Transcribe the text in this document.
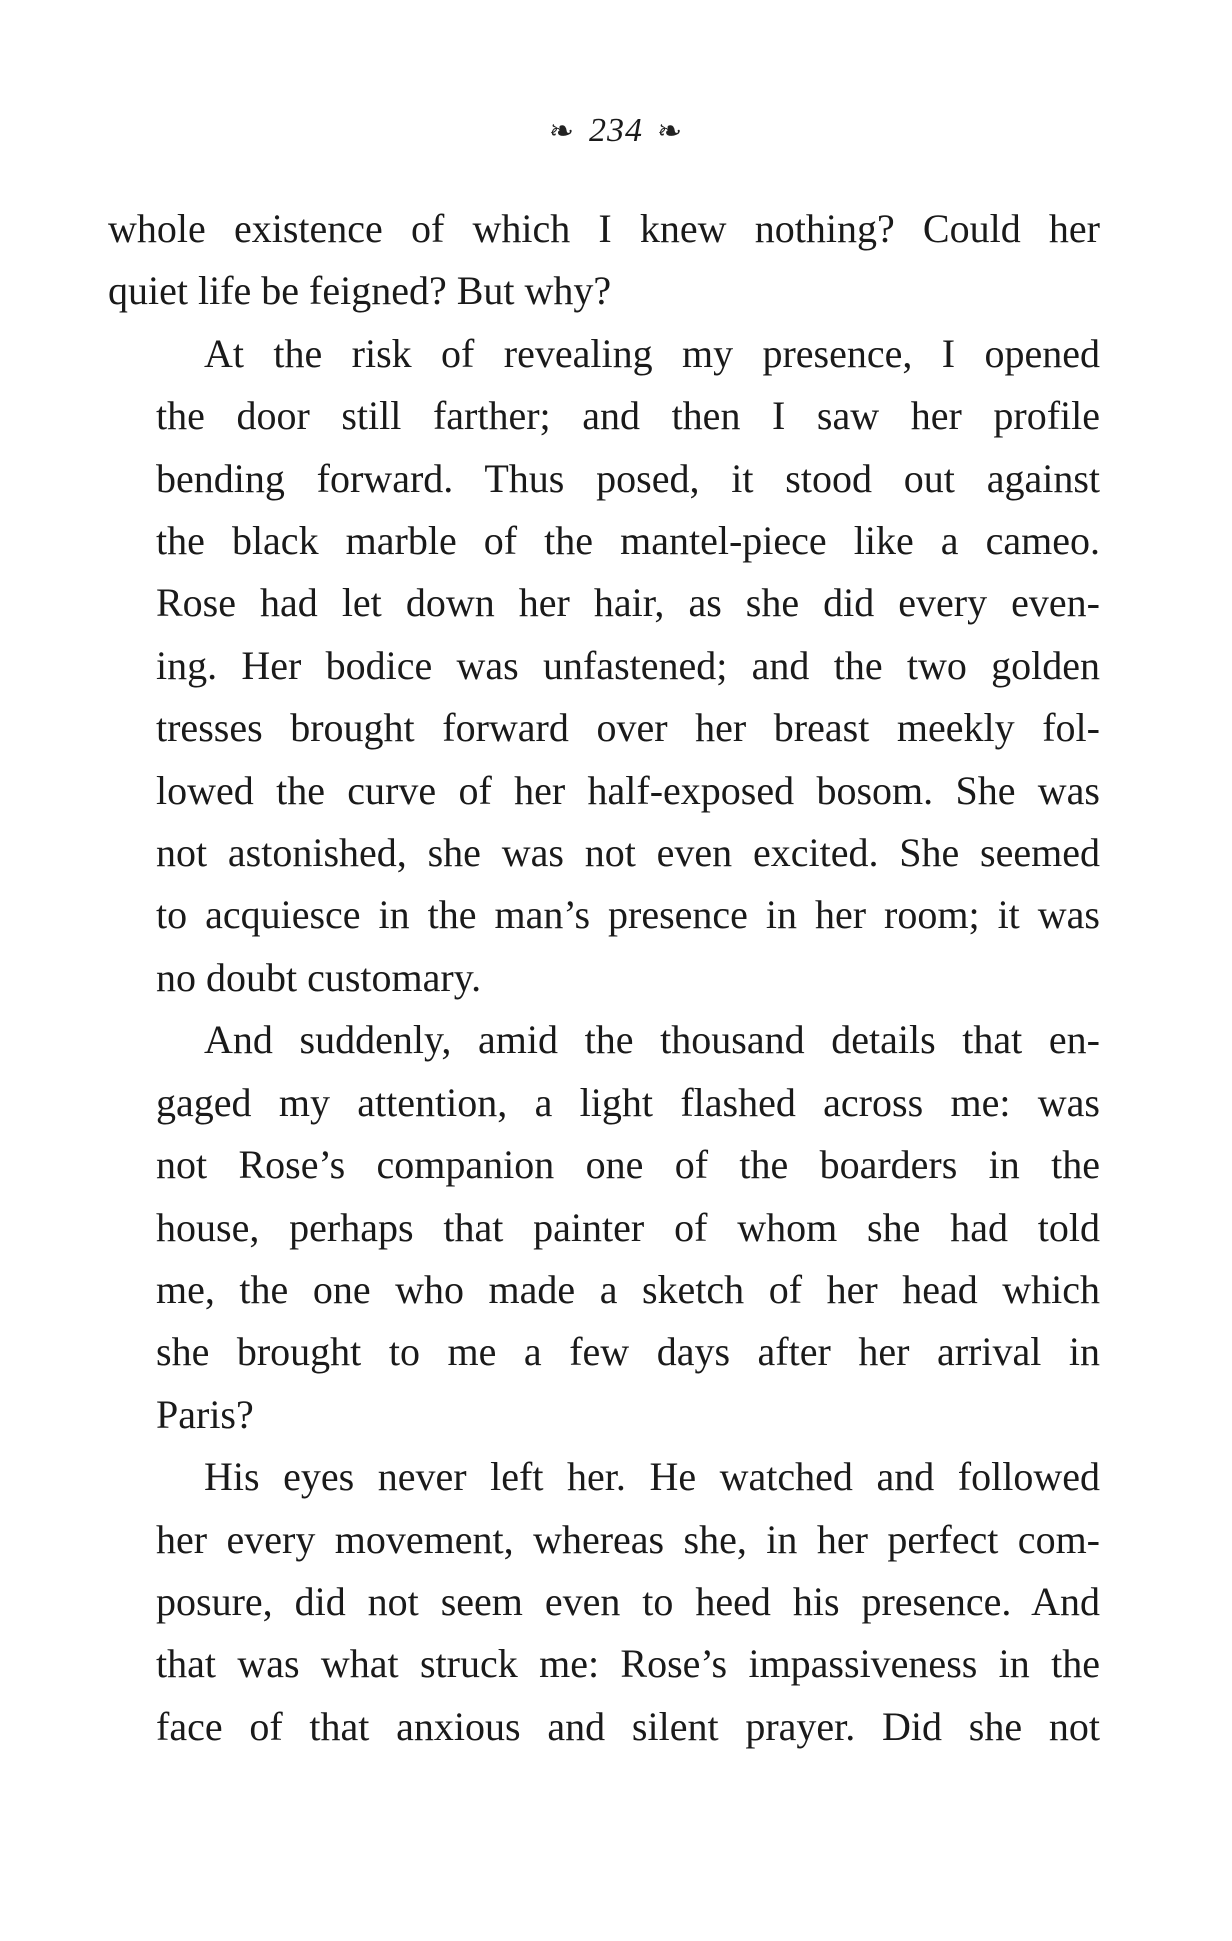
❧ 234 ❧
whole existence of which I knew nothing? Could her
quiet life be feigned? But why?
At the risk of revealing my presence, I opened
the door still farther; and then I saw her profile
bending forward. Thus posed, it stood out against
the black marble of the mantel-piece like a cameo.
Rose had let down her hair, as she did every even-
ing. Her bodice was unfastened; and the two golden
tresses brought forward over her breast meekly fol-
lowed the curve of her half-exposed bosom. She was
not astonished, she was not even excited. She seemed
to acquiesce in the man’s presence in her room; it was
no doubt customary.
And suddenly, amid the thousand details that en-
gaged my attention, a light flashed across me: was
not Rose’s companion one of the boarders in the
house, perhaps that painter of whom she had told
me, the one who made a sketch of her head which
she brought to me a few days after her arrival in
Paris?
His eyes never left her. He watched and followed
her every movement, whereas she, in her perfect com-
posure, did not seem even to heed his presence. And
that was what struck me: Rose’s impassiveness in the
face of that anxious and silent prayer. Did she not
